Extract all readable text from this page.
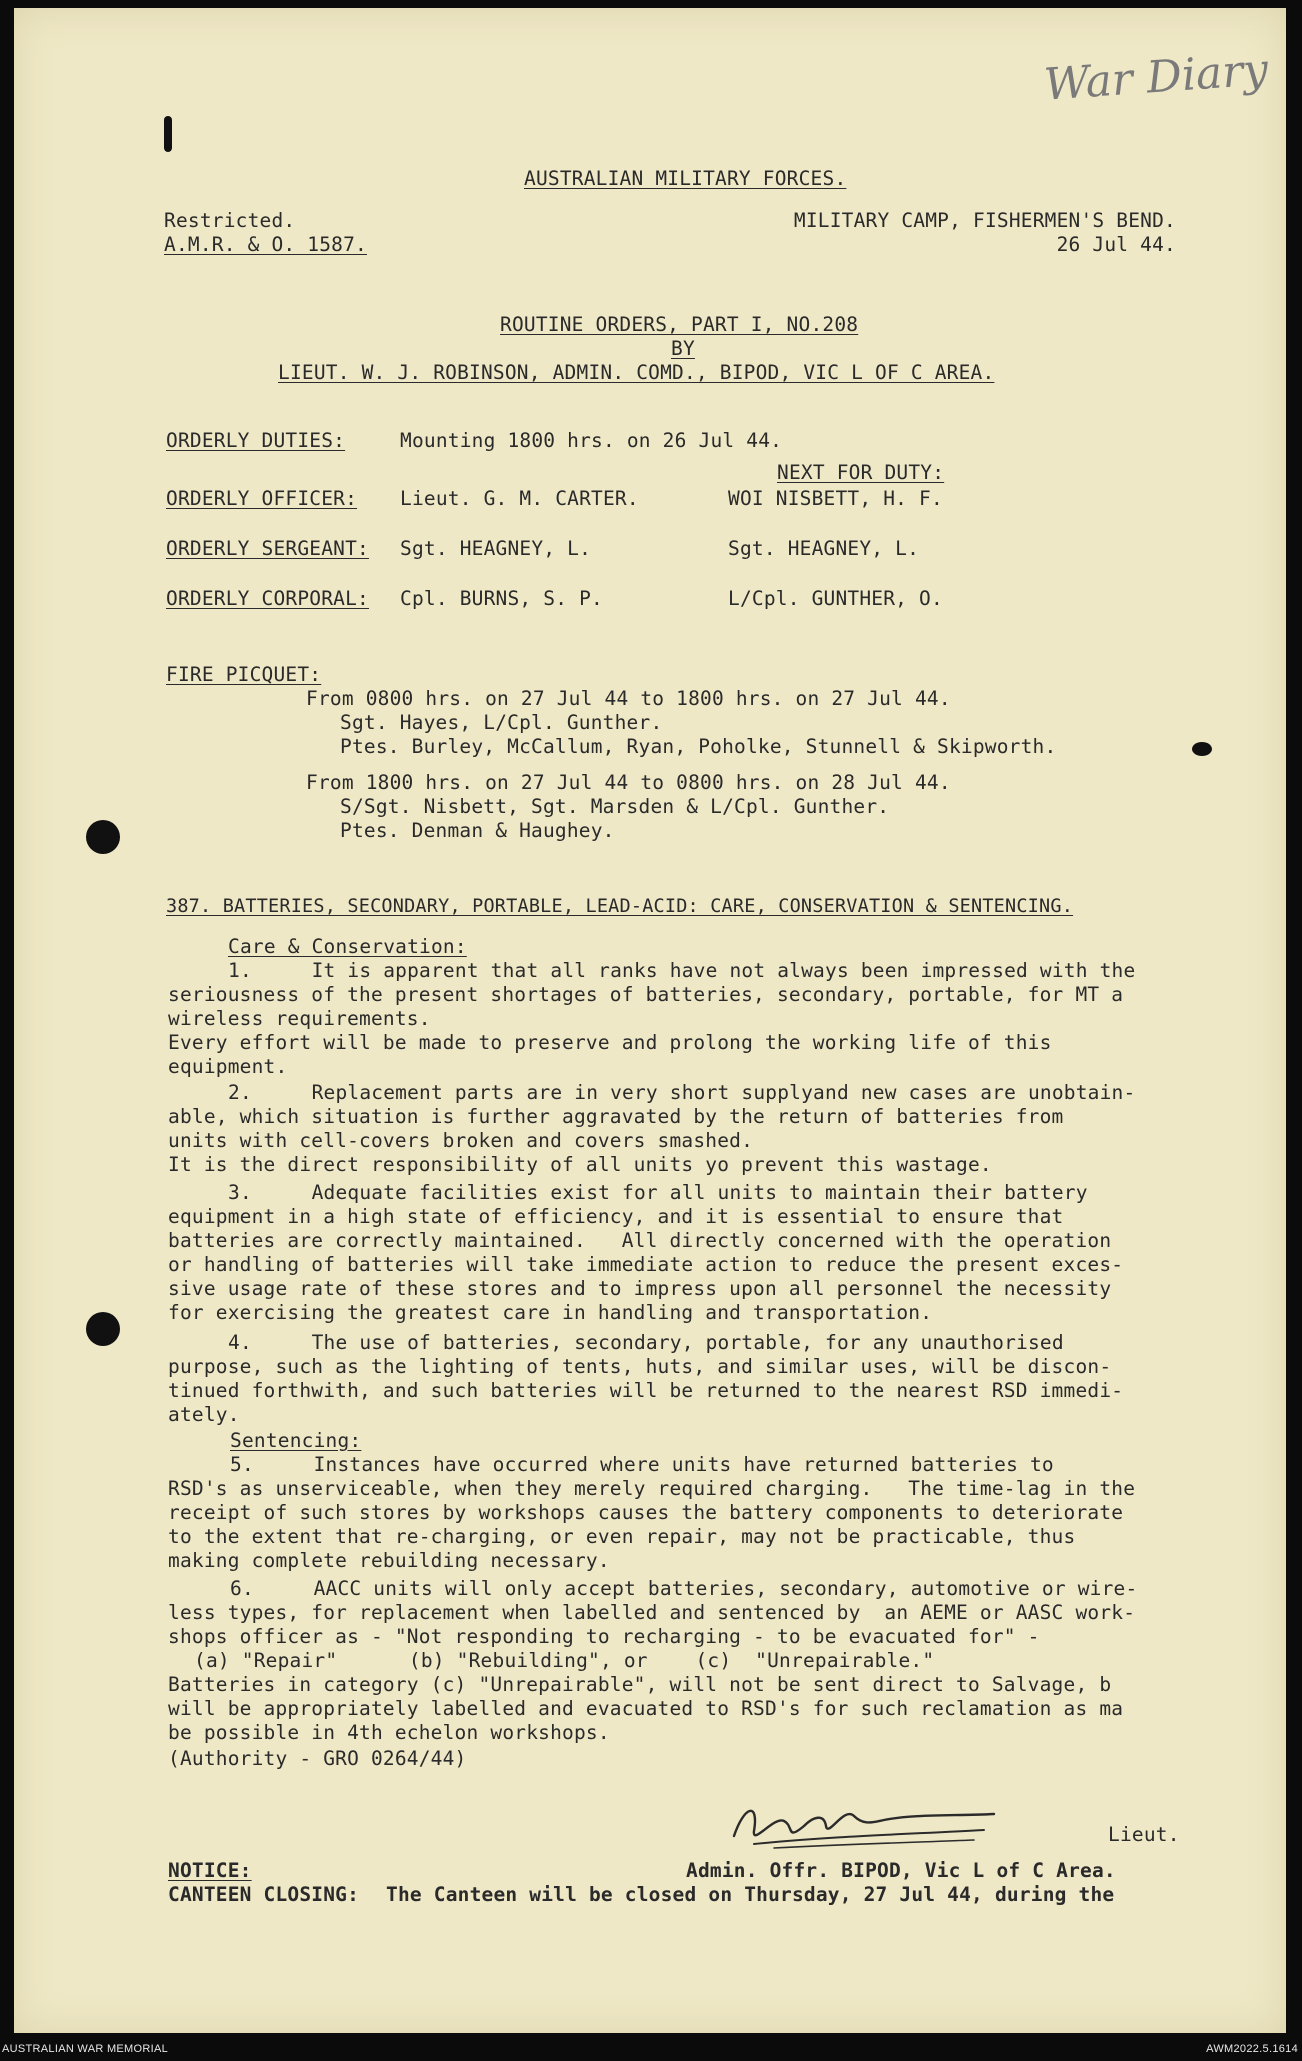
War Diary
AUSTRALIAN MILITARY FORCES.
Restricted.
A.M.R. & O. 1587.
MILITARY CAMP, FISHERMEN'S BEND.
26 Jul 44.
ROUTINE ORDERS, PART I, NO.208
BY
LIEUT. W. J. ROBINSON, ADMIN. COMD., BIPOD, VIC L OF C AREA.
ORDERLY DUTIES:	Mounting 1800 hrs. on 26 Jul 44.
NEXT FOR DUTY:
ORDERLY OFFICER: Lieut. G. M. CARTER.	WOI NISBETT, H. F.
ORDERLY SERGEANT: Sgt. HEAGNEY, L.	Sgt. HEAGNEY, L.
ORDERLY CORPORAL: Cpl. BURNS, S. P.	L/Cpl. GUNTHER, O.
FIRE PICQUET:
From 0800 hrs. on 27 Jul 44 to 1800 hrs. on 27 Jul 44.
Sgt. Hayes, L/Cpl. Gunther.
Ptes. Burley, McCallum, Ryan, Poholke, Stunnell & Skipworth.
From 1800 hrs. on 27 Jul 44 to 0800 hrs. on 28 Jul 44.
S/Sgt. Nisbett, Sgt. Marsden & L/Cpl. Gunther.
Ptes. Denman & Haughey.
387. BATTERIES, SECONDARY, PORTABLE, LEAD-ACID: CARE, CONSERVATION & SENTENCING.
Care & Conservation:
1.     It is apparent that all ranks have not always been impressed with the
seriousness of the present shortages of batteries, secondary, portable, for MT a
wireless requirements.
Every effort will be made to preserve and prolong the working life of this
equipment.
2.     Replacement parts are in very short supplyand new cases are unobtain-
able, which situation is further aggravated by the return of batteries from
units with cell-covers broken and covers smashed.
It is the direct responsibility of all units yo prevent this wastage.
3.     Adequate facilities exist for all units to maintain their battery
equipment in a high state of efficiency, and it is essential to ensure that
batteries are correctly maintained.   All directly concerned with the operation
or handling of batteries will take immediate action to reduce the present exces-
sive usage rate of these stores and to impress upon all personnel the necessity
for exercising the greatest care in handling and transportation.
4.     The use of batteries, secondary, portable, for any unauthorised
purpose, such as the lighting of tents, huts, and similar uses, will be discon-
tinued forthwith, and such batteries will be returned to the nearest RSD immedi-
ately.
Sentencing:
5.     Instances have occurred where units have returned batteries to
RSD's as unserviceable, when they merely required charging.   The time-lag in the
receipt of such stores by workshops causes the battery components to deteriorate
to the extent that re-charging, or even repair, may not be practicable, thus
making complete rebuilding necessary.
6.     AACC units will only accept batteries, secondary, automotive or wire-
less types, for replacement when labelled and sentenced by  an AEME or AASC work-
shops officer as - "Not responding to recharging - to be evacuated for" -
(a) "Repair"      (b) "Rebuilding", or    (c)  "Unrepairable."
Batteries in category (c) "Unrepairable", will not be sent direct to Salvage, b
will be appropriately labelled and evacuated to RSD's for such reclamation as ma
be possible in 4th echelon workshops.
(Authority - GRO 0264/44)
Lieut.
Admin. Offr. BIPOD, Vic L of C Area.
NOTICE:
CANTEEN CLOSING: The Canteen will be closed on Thursday, 27 Jul 44, during the
AUSTRALIAN WAR MEMORIAL	AWM2022.5.1614
